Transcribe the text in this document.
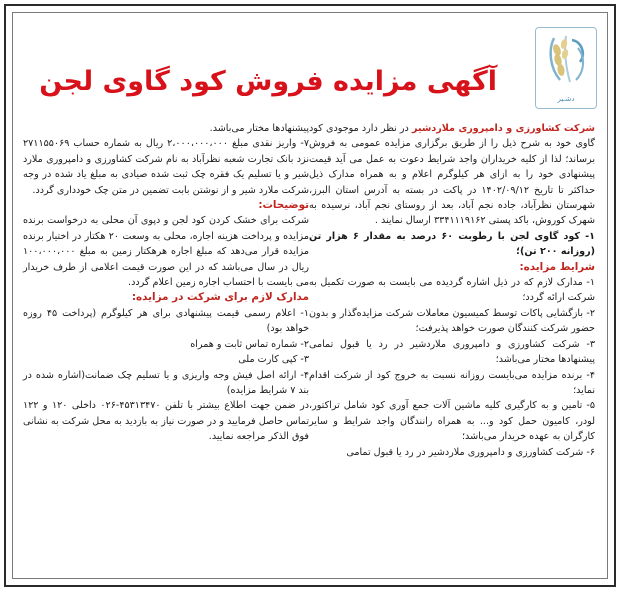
آگهی مزایده فروش کود گاوی لجن
دشـیر

شرکت کشاورزی و دامپروری ملاردشیر در نظر دارد موجودی کود گاوی خود به شرح ذیل را از طریق برگزاری مزایده عمومی به فروش برساند؛ لذا از کلیه خریداران واجد شرایط دعوت به عمل می آید قیمت پیشنهادی خود را به ازای هر کیلوگرم اعلام و به همراه مدارک ذیل حداکثر تا تاریخ ۱۴۰۲/۰۹/۱۲ در پاکت در بسته به آدرس استان البرز، شهرستان نظرآباد، جاده نجم آباد، بعد از روستای نجم آباد، نرسیده به شهرک کوروش، باکد پستی ۳۳۴۱۱۱۹۱۶۲ ارسال نمایند .

۱- کود گاوی لجن با رطوبت ۶۰ درصد به مقدار ۶ هزار تن (روزانه ۲۰۰ تن)؛

شرایط مزایده:

۱- مدارک لازم که در ذیل اشاره گردیده می بایست به صورت تکمیل به شرکت ارائه گردد؛

۲- بازگشایی پاکات توسط کمیسیون معاملات شرکت مزایده‌گذار و بدون حضور شرکت کنندگان صورت خواهد پذیرفت؛

۳- شرکت کشاورزی و دامپروری ملاردشیر در رد یا قبول تمامی پیشنهادها مختار می‌باشد؛

۴- برنده مزایده می‌بایست روزانه نسبت به خروج کود از شرکت اقدام نماید؛

۵- تامین و به کارگیری کلیه ماشین آلات جمع آوری کود شامل تراکتور، لودر، کامیون حمل کود و... به همراه رانندگان واجد شرایط و سایر کارگران به عهده خریدار می‌باشد؛

۶- شرکت کشاورزی و دامپروری ملاردشیر در رد یا قبول تمامی

پیشنهادها مختار می‌باشد.

۷- واریز نقدی مبلغ ۲،۰۰۰،۰۰۰،۰۰۰ ریال به شماره حساب ۲۷۱۱۵۵۰۶۹ نزد بانک تجارت شعبه نظرآباد به نام شرکت کشاورزی و دامپروری ملارد شیر و یا تسلیم یک فقره چک ثبت شده صیادی به مبلغ یاد شده در وجه شرکت ملارد شیر و از نوشتن بابت تضمین در متن چک خودداری گردد.

توضیحات:

شرکت برای خشک کردن کود لجن و دپوی آن محلی به درخواست برنده مزایده و پرداخت هزینه اجاره، محلی به وسعت ۲۰ هکتار در اختیار برنده مزایده قرار می‌دهد که مبلغ اجاره هرهکتار زمین به مبلغ ۱۰۰،۰۰۰،۰۰۰ ریال در سال می‌باشد که در این صورت قیمت اعلامی از طرف خریدار می بایست با احتساب اجاره زمین اعلام گردد.

مدارک لازم برای شرکت در مزایده:

۱- اعلام رسمی قیمت پیشنهادی برای هر کیلوگرم (پرداخت ۴۵ روزه خواهد بود)

۲- شماره تماس ثابت و همراه

۳- کپی کارت ملی

۴- ارائه اصل فیش وجه واریزی و یا تسلیم چک ضمانت(اشاره شده در بند ۷ شرایط مزایده)

در ضمن جهت اطلاع بیشتر با تلفن ۴۵۳۱۳۴۷۰-۰۲۶ داخلی ۱۲۰ و ۱۲۲ تماس حاصل فرمایید و در صورت نیاز به بازدید به محل شرکت به نشانی فوق الذکر مراجعه نمایید.
